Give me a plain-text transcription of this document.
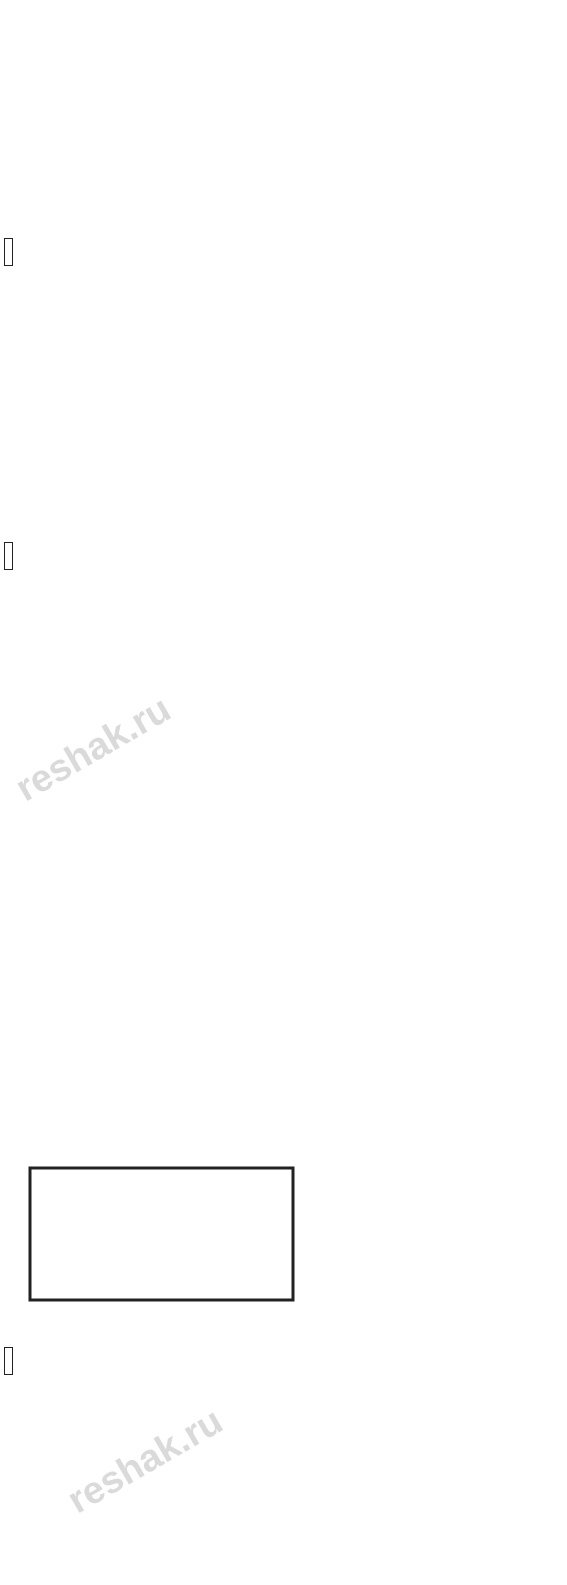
reshak.ru
reshak.ru
